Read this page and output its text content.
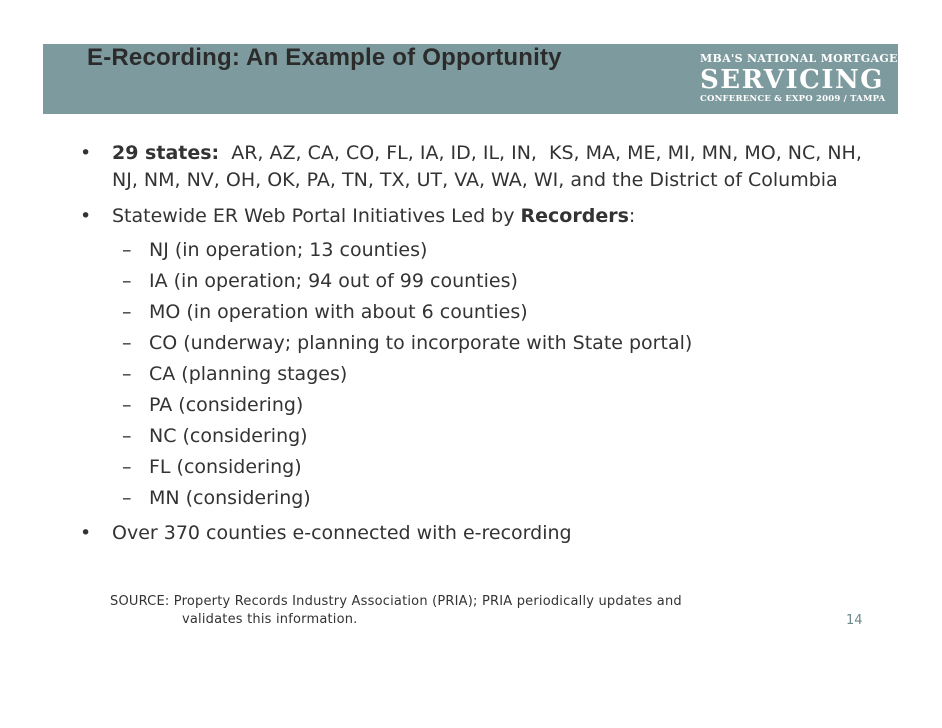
E-Recording: An Example of Opportunity	MBA'S NATIONAL MORTGAGE
SERVICING
CONFERENCE & EXPO 2009 / TAMPA
• 29 states:  AR, AZ, CA, CO, FL, IA, ID, IL, IN,  KS, MA, ME, MI, MN, MO, NC, NH, NJ, NM, NV, OH, OK, PA, TN, TX, UT, VA, WA, WI, and the District of Columbia
• Statewide ER Web Portal Initiatives Led by Recorders:
– NJ (in operation; 13 counties)
– IA (in operation; 94 out of 99 counties)
– MO (in operation with about 6 counties)
– CO (underway; planning to incorporate with State portal)
– CA (planning stages)
– PA (considering)
– NC (considering)
– FL (considering)
– MN (considering)
• Over 370 counties e-connected with e-recording
SOURCE: Property Records Industry Association (PRIA); PRIA periodically updates and
validates this information.	14
